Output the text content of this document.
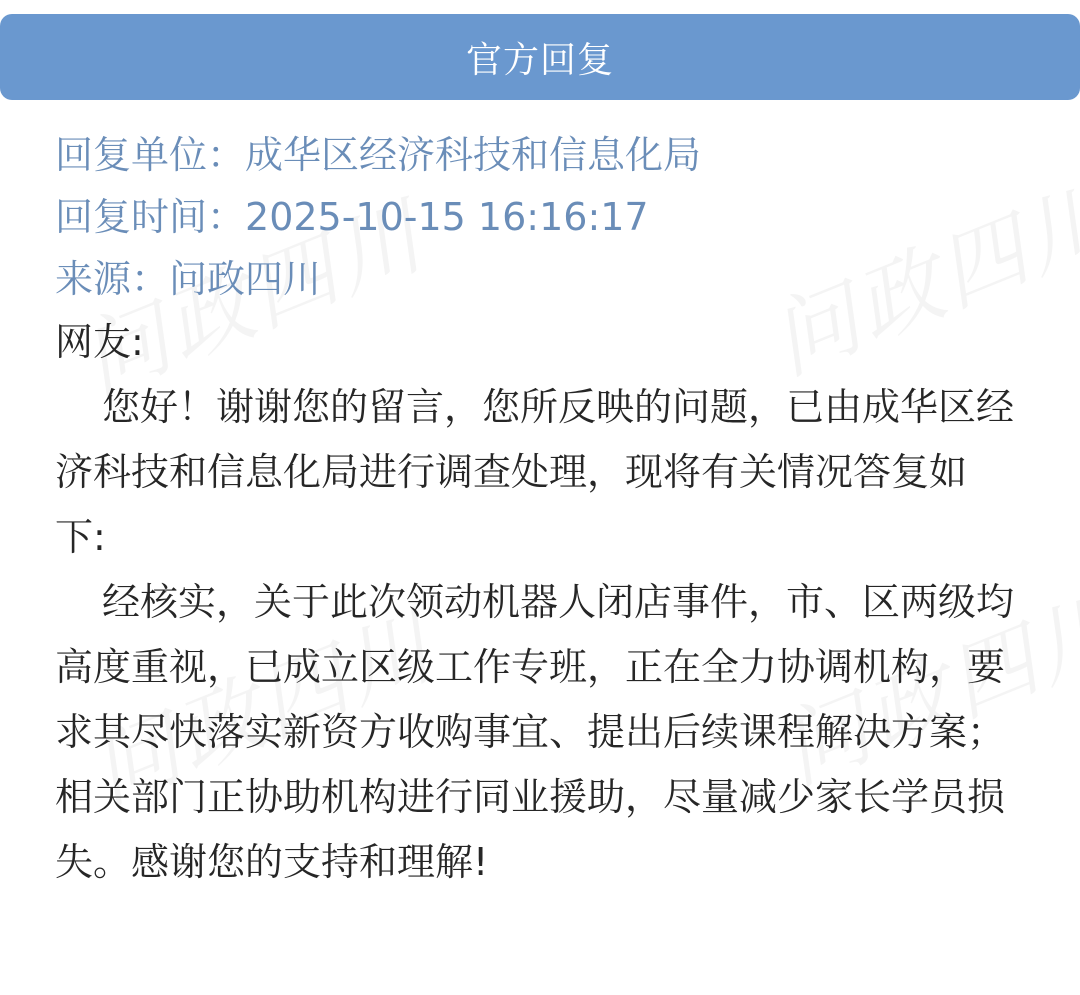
官方回复
回复单位：成华区经济科技和信息化局
回复时间：2025-10-15 16:16:17
来源：问政四川
网友:

您好！谢谢您的留言，您所反映的问题，已由成华区经济科技和信息化局进行调查处理，现将有关情况答复如下:

经核实，关于此次领动机器人闭店事件，市、区两级均高度重视，已成立区级工作专班，正在全力协调机构，要求其尽快落实新资方收购事宜、提出后续课程解决方案；相关部门正协助机构进行同业援助，尽量减少家长学员损失。感谢您的支持和理解!
